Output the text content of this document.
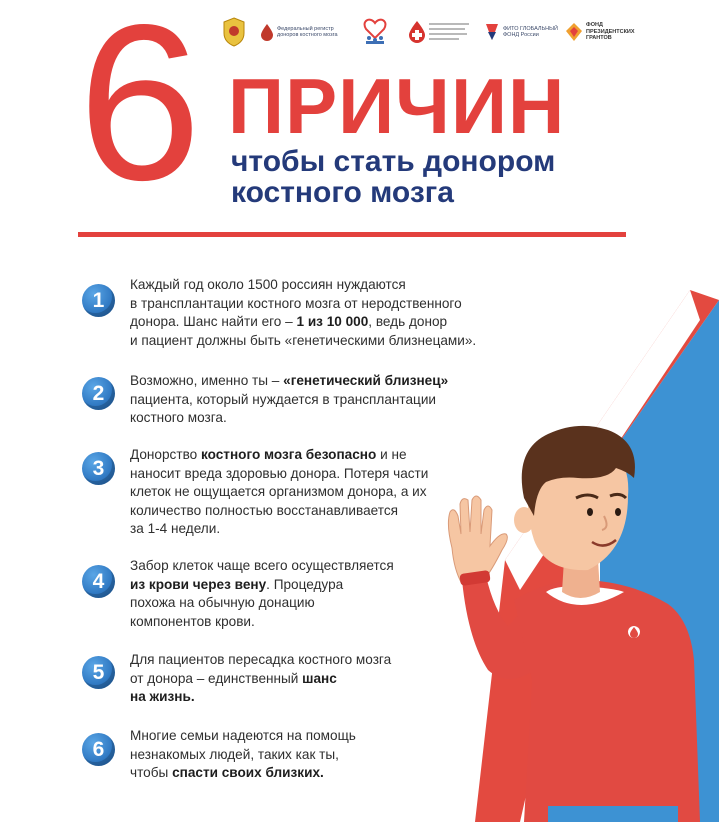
Федеральный регистр
доноров костного мозга
ФИТО ГЛОБАЛЬНЫЙ
ФОНД России
ФОНД
ПРЕЗИДЕНТСКИХ
ГРАНТОВ
6 ПРИЧИН
чтобы стать донором
костного мозга
1
Каждый год около 1500 россиян нуждаются
в трансплантации костного мозга от неродственного
донора. Шанс найти его – 1 из 10 000, ведь донор
и пациент должны быть «генетическими близнецами».
2
Возможно, именно ты – «генетический близнец»
пациента, который нуждается в трансплантации
костного мозга.
3
Донорство костного мозга безопасно и не
наносит вреда здоровью донора. Потеря части
клеток не ощущается организмом донора, а их
количество полностью восстанавливается
за 1-4 недели.
4
Забор клеток чаще всего осуществляется
из крови через вену. Процедура
похожа на обычную донацию
компонентов крови.
5
Для пациентов пересадка костного мозга
от донора – единственный шанс
на жизнь.
6
Многие семьи надеются на помощь
незнакомых людей, таких как ты,
чтобы спасти своих близких.
